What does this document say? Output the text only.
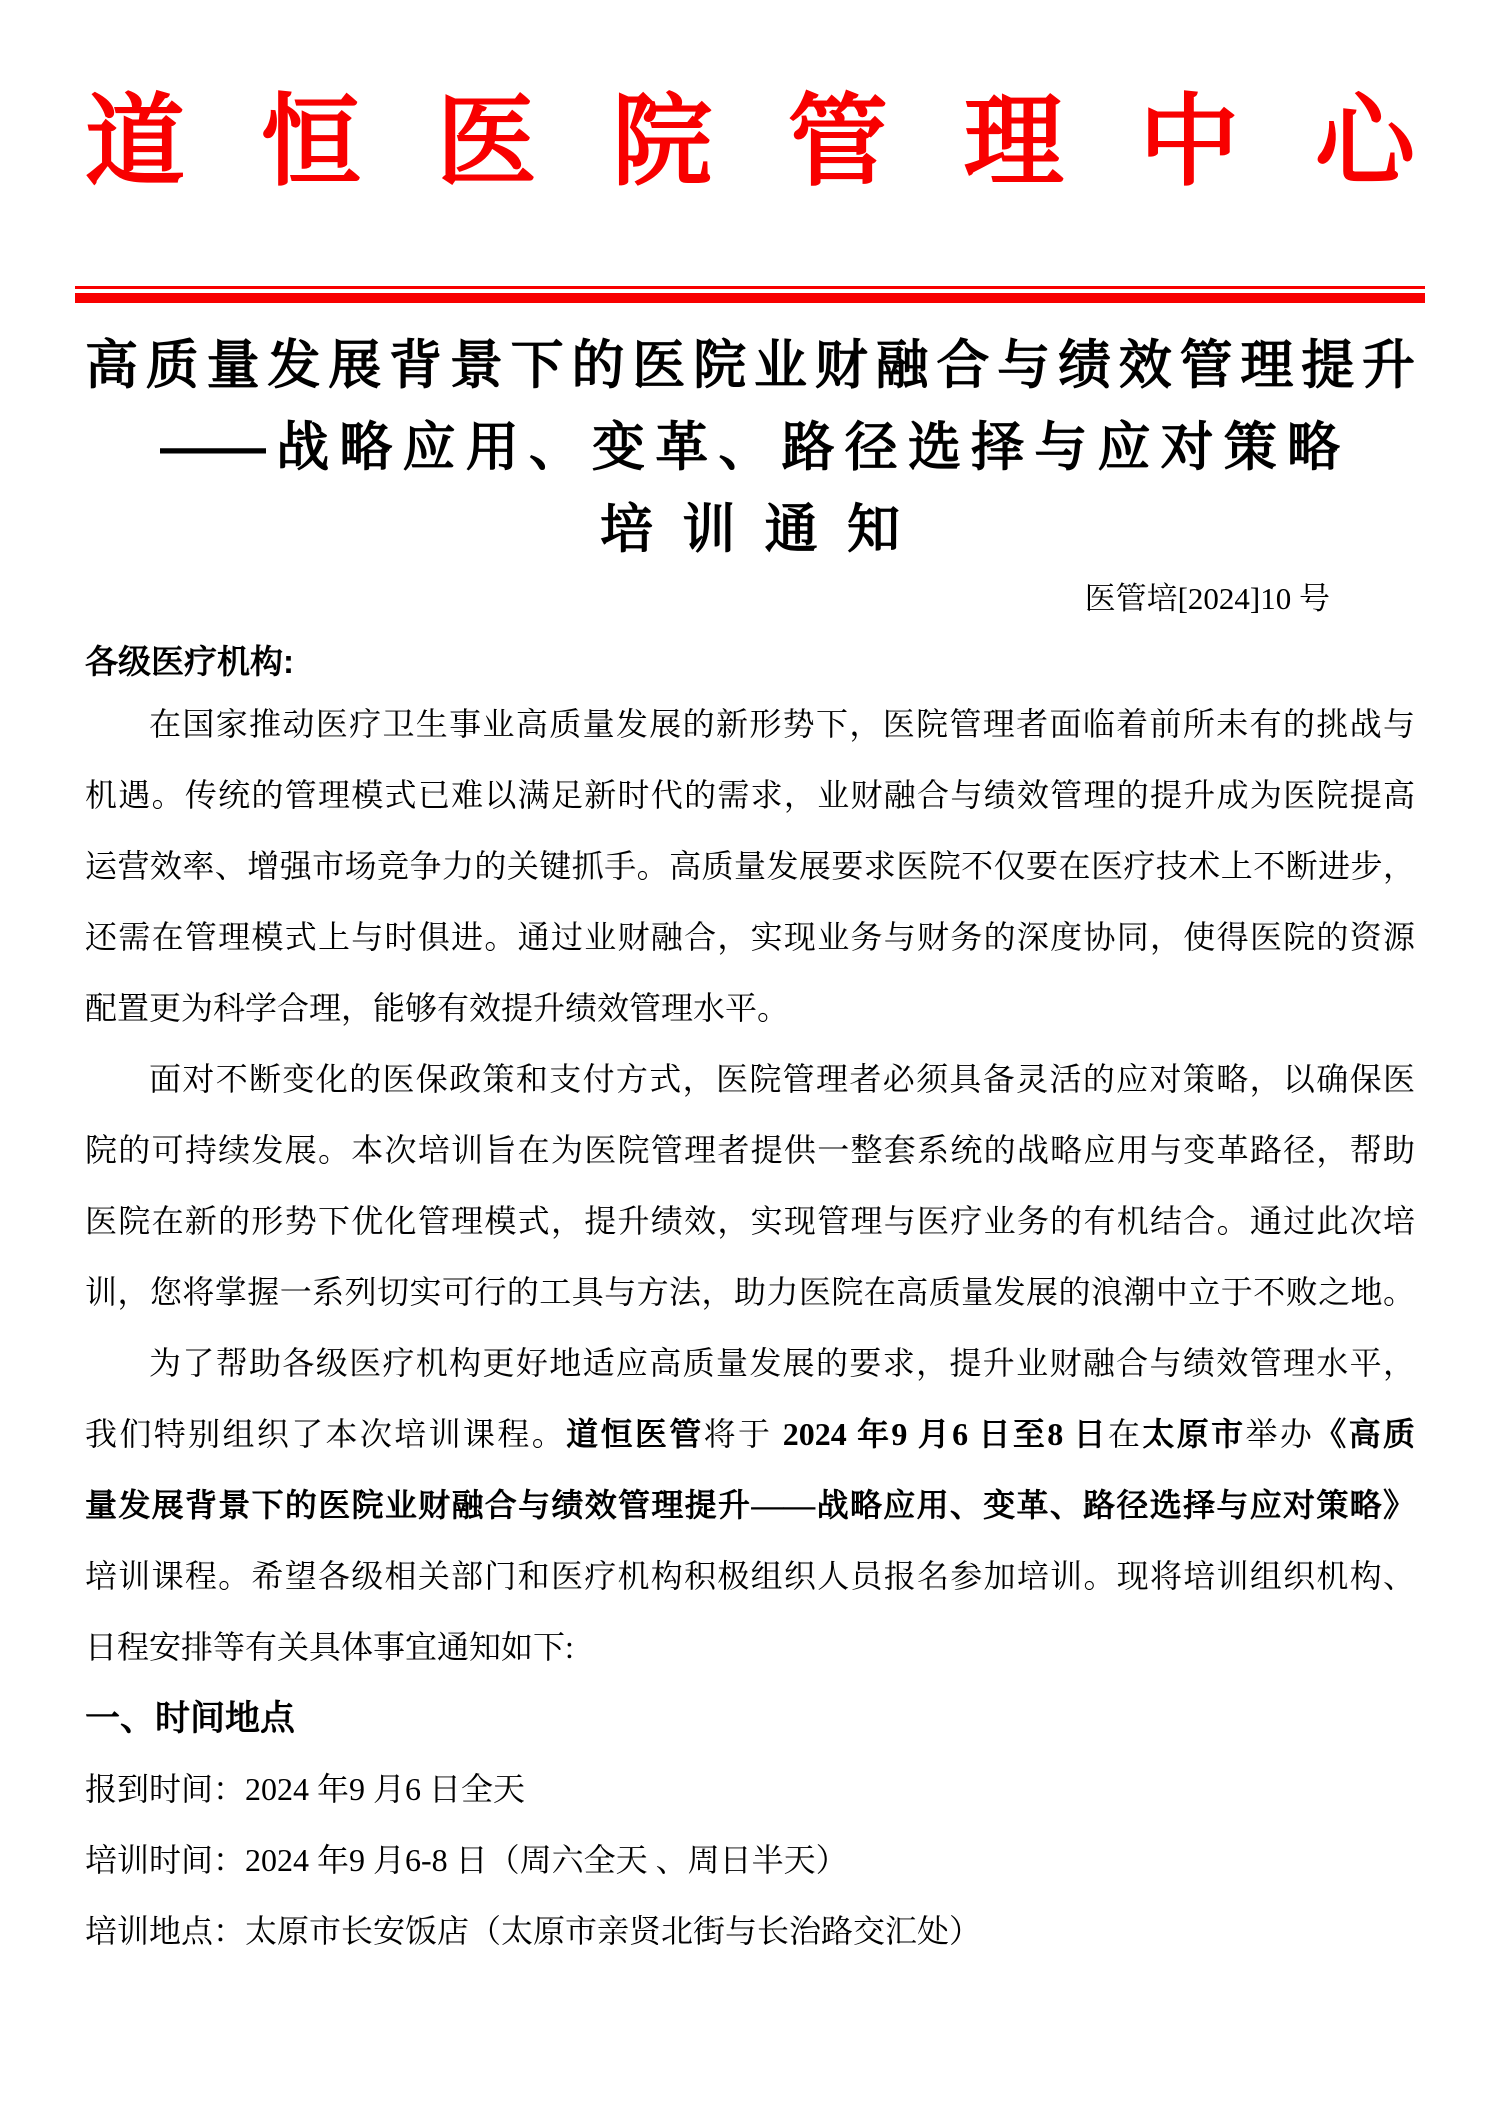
道恒医院管理中心
高质量发展背景下的医院业财融合与绩效管理提升
——战略应用、变革、路径选择与应对策略
培训通知
医管培[2024]10 号
各级医疗机构:
在国家推动医疗卫生事业高质量发展的新形势下，医院管理者面临着前所未有的挑战与
机遇。传统的管理模式已难以满足新时代的需求，业财融合与绩效管理的提升成为医院提高
运营效率、增强市场竞争力的关键抓手。高质量发展要求医院不仅要在医疗技术上不断进步，
还需在管理模式上与时俱进。通过业财融合，实现业务与财务的深度协同，使得医院的资源
配置更为科学合理，能够有效提升绩效管理水平。
面对不断变化的医保政策和支付方式，医院管理者必须具备灵活的应对策略，以确保医
院的可持续发展。本次培训旨在为医院管理者提供一整套系统的战略应用与变革路径，帮助
医院在新的形势下优化管理模式，提升绩效，实现管理与医疗业务的有机结合。通过此次培
训，您将掌握一系列切实可行的工具与方法，助力医院在高质量发展的浪潮中立于不败之地。
为了帮助各级医疗机构更好地适应高质量发展的要求，提升业财融合与绩效管理水平，
我们特别组织了本次培训课程。道恒医管将于 2024 年9 月6 日至8 日在太原市举办《高质
量发展背景下的医院业财融合与绩效管理提升——战略应用、变革、路径选择与应对策略》
培训课程。希望各级相关部门和医疗机构积极组织人员报名参加培训。现将培训组织机构、
日程安排等有关具体事宜通知如下:
一、时间地点
报到时间：2024 年9 月6 日全天
培训时间：2024 年9 月6-8 日（周六全天 、周日半天）
培训地点：太原市长安饭店（太原市亲贤北街与长治路交汇处）
